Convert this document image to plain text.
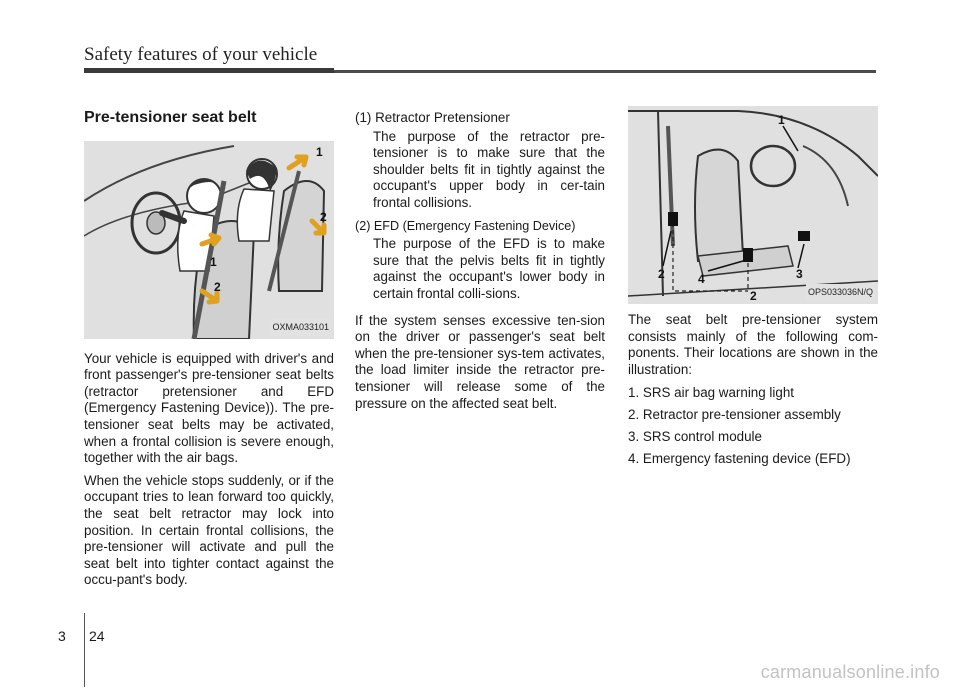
Safety features of your vehicle
Pre-tensioner seat belt
1
2
1
2
OXMA033101

Your vehicle is equipped with driver's and front passenger's pre-tensioner seat belts (retractor pretensioner and EFD (Emergency Fastening Device)). The pre-tensioner seat belts may be activated, when a frontal collision is severe enough, together with the air bags.

When the vehicle stops suddenly, or if the occupant tries to lean forward too quickly, the seat belt retractor may lock into position. In certain frontal collisions, the pre-tensioner will activate and pull the seat belt into tighter contact against the occu-pant's body.

(1) Retractor Pretensioner
The purpose of the retractor pre-tensioner is to make sure that the shoulder belts fit in tightly against the occupant's upper body in cer-tain frontal collisions.
(2) EFD (Emergency Fastening Device)
The purpose of the EFD is to make sure that the pelvis belts fit in tightly against the occupant's lower body in certain frontal colli-sions.

If the system senses excessive ten-sion on the driver or passenger's seat belt when the pre-tensioner sys-tem activates, the load limiter inside the retractor pre-tensioner will release some of the pressure on the affected seat belt.

1
2	4	3
2	OPS033036N/Q

The seat belt pre-tensioner system consists mainly of the following com-ponents. Their locations are shown in the illustration:

1. SRS air bag warning light
2. Retractor pre-tensioner assembly
3. SRS control module
4. Emergency fastening device (EFD)
3 24
carmanualsonline.info
